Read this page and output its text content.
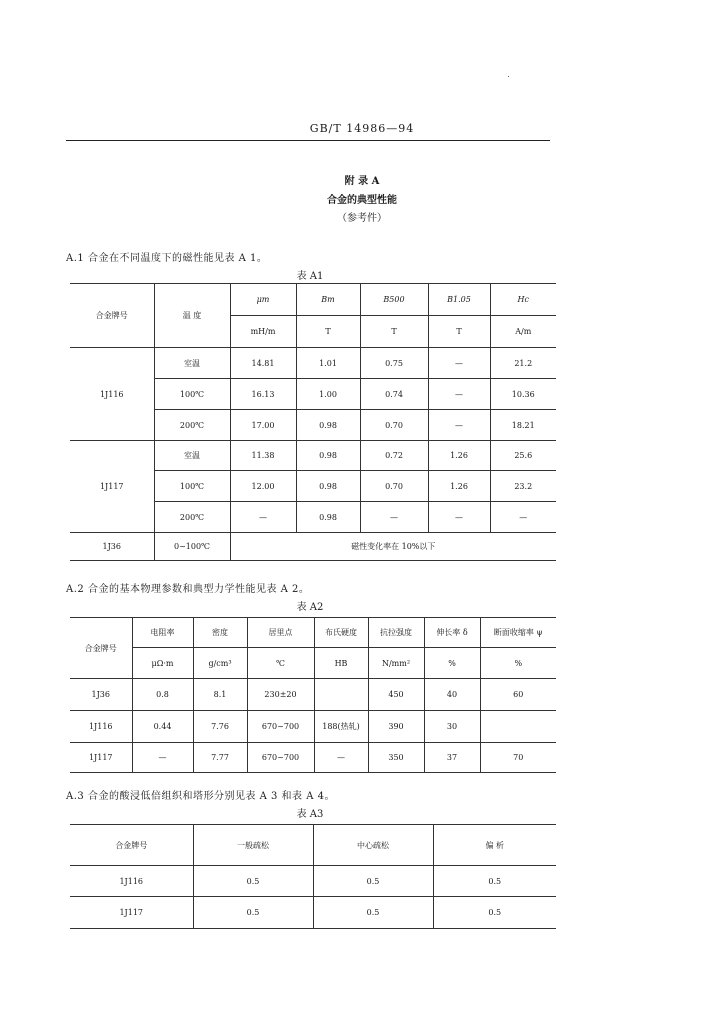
GB/T 14986—94
附 录 A
合金的典型性能
（参考件）
A.1 合金在不同温度下的磁性能见表 A 1。
表 A1
合金牌号	温 度	μm	Bm	B500	B1.05	Hc
		mH/m	T	T	T	A/m
1J116	室温	14.81	1.01	0.75	—	21.2
	100℃	16.13	1.00	0.74	—	10.36
	200℃	17.00	0.98	0.70	—	18.21
1J117	室温	11.38	0.98	0.72	1.26	25.6
	100℃	12.00	0.98	0.70	1.26	23.2
	200℃	—	0.98	—	—	—
1J36	0~100℃	磁性变化率在 10%以下				
A.2 合金的基本物理参数和典型力学性能见表 A 2。
表 A2
合金牌号	电阻率	密度	居里点	布氏硬度	抗拉强度	伸长率 δ	断面收缩率 ψ
	μΩ·m	g/cm³	℃	HB	N/mm²	%	%
1J36	0.8	8.1	230±20		450	40	60
1J116	0.44	7.76	670~700	188(热轧)	390	30	
1J117	—	7.77	670~700	—	350	37	70
A.3 合金的酸浸低倍组织和塔形分别见表 A 3 和表 A 4。
表 A3
合金牌号	一般疏松	中心疏松	偏 析
1J116	0.5	0.5	0.5
1J117	0.5	0.5	0.5
